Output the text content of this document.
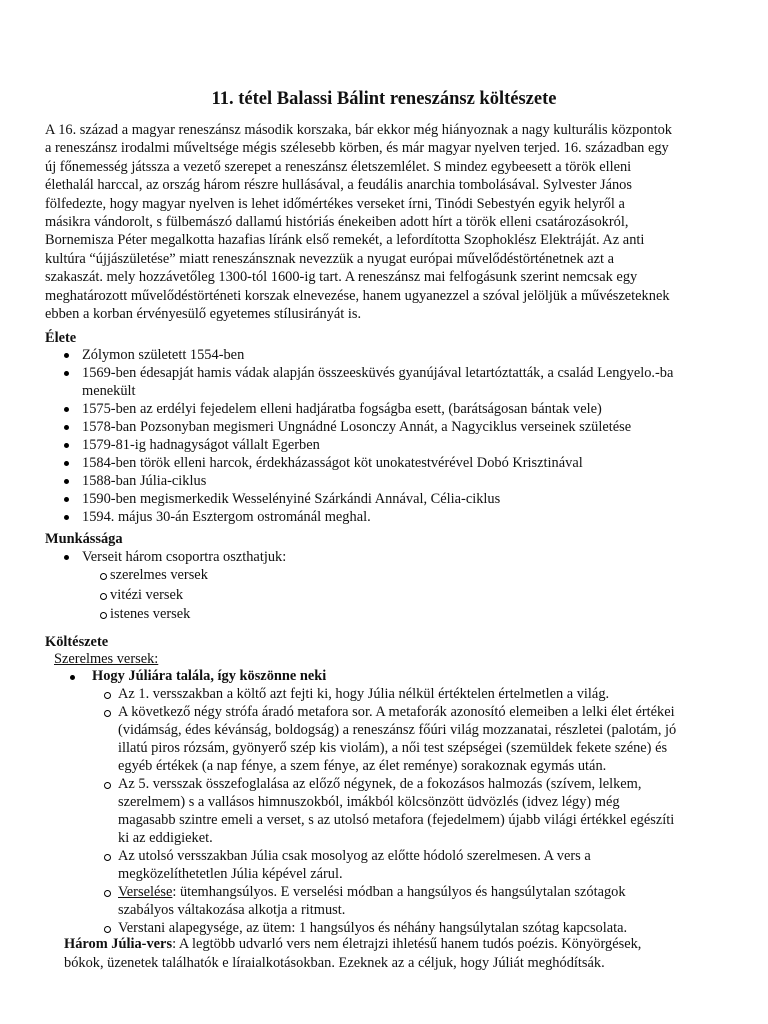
11. tétel Balassi Bálint reneszánsz költészete

A 16. század a magyar reneszánsz második korszaka, bár ekkor még hiányoznak a nagy kulturális központok
a reneszánsz irodalmi műveltsége mégis szélesebb körben, és már magyar nyelven terjed. 16. században egy
új főnemesség játssza a vezető szerepet a reneszánsz életszemlélet. S mindez egybeesett a török elleni
élethalál harccal, az ország három részre hullásával, a feudális anarchia tombolásával. Sylvester János
fölfedezte, hogy magyar nyelven is lehet időmértékes verseket írni, Tinódi Sebestyén egyik helyről a
másikra vándorolt, s fülbemászó dallamú históriás énekeiben adott hírt a török elleni csatározásokról,
Bornemisza Péter megalkotta hazafias líránk első remekét, a lefordította Szophoklész Elektráját. Az anti
kultúra “újjászületése” miatt reneszánsznak nevezzük a nyugat európai művelődéstörténetnek azt a
szakaszát. mely hozzávetőleg 1300-tól 1600-ig tart. A reneszánsz mai felfogásunk szerint nemcsak egy
meghatározott művelődéstörténeti korszak elnevezése, hanem ugyanezzel a szóval jelöljük a művészeteknek
ebben a korban érvényesülő egyetemes stílusirányát is.

Élete
Zólymon született 1554-ben
1569-ben édesapját hamis vádak alapján összeesküvés gyanújával letartóztatták, a család Lengyelo.-ba
menekült
1575-ben az erdélyi fejedelem elleni hadjáratba fogságba esett, (barátságosan bántak vele)
1578-ban Pozsonyban megismeri Ungnádné Losonczy Annát, a Nagyciklus verseinek születése
1579-81-ig hadnagyságot vállalt Egerben
1584-ben török elleni harcok, érdekházasságot köt unokatestvérével Dobó Krisztinával
1588-ban Júlia-ciklus
1590-ben megismerkedik Wesselényiné Szárkándi Annával, Célia-ciklus
1594. május 30-án Esztergom ostrománál meghal.
Munkássága
Verseit három csoportra oszthatjuk:
szerelmes versek
vitézi versek
istenes versek
Költészete
Szerelmes versek:
Hogy Júliára talála, így köszönne neki
Az 1. versszakban a költő azt fejti ki, hogy Júlia nélkül értéktelen értelmetlen a világ.
A következő négy strófa áradó metafora sor. A metaforák azonosító elemeiben a lelki élet értékei
(vidámság, édes kévánság, boldogság) a reneszánsz főúri világ mozzanatai, részletei (palotám, jó
illatú piros rózsám, gyönyerő szép kis violám), a női test szépségei (szemüldek fekete széne) és
egyéb értékek (a nap fénye, a szem fénye, az élet reménye) sorakoznak egymás után.
Az 5. versszak összefoglalása az előző négynek, de a fokozásos halmozás (szívem, lelkem,
szerelmem) s a vallásos himnuszokból, imákból kölcsönzött üdvözlés (idvez légy) még
magasabb szintre emeli a verset, s az utolsó metafora (fejedelmem) újabb világi értékkel egészíti
ki az eddigieket.
Az utolsó versszakban Júlia csak mosolyog az előtte hódoló szerelmesen. A vers a
megközelíthetetlen Júlia képével zárul.
Verselése: ütemhangsúlyos. E verselési módban a hangsúlyos és hangsúlytalan szótagok
szabályos váltakozása alkotja a ritmust.
Verstani alapegysége, az ütem: 1 hangsúlyos és néhány hangsúlytalan szótag kapcsolata.

Három Júlia-vers: A legtöbb udvarló vers nem életrajzi ihletésű hanem tudós poézis. Könyörgések,
bókok, üzenetek találhatók e líraialkotásokban. Ezeknek az a céljuk, hogy Júliát meghódítsák.
